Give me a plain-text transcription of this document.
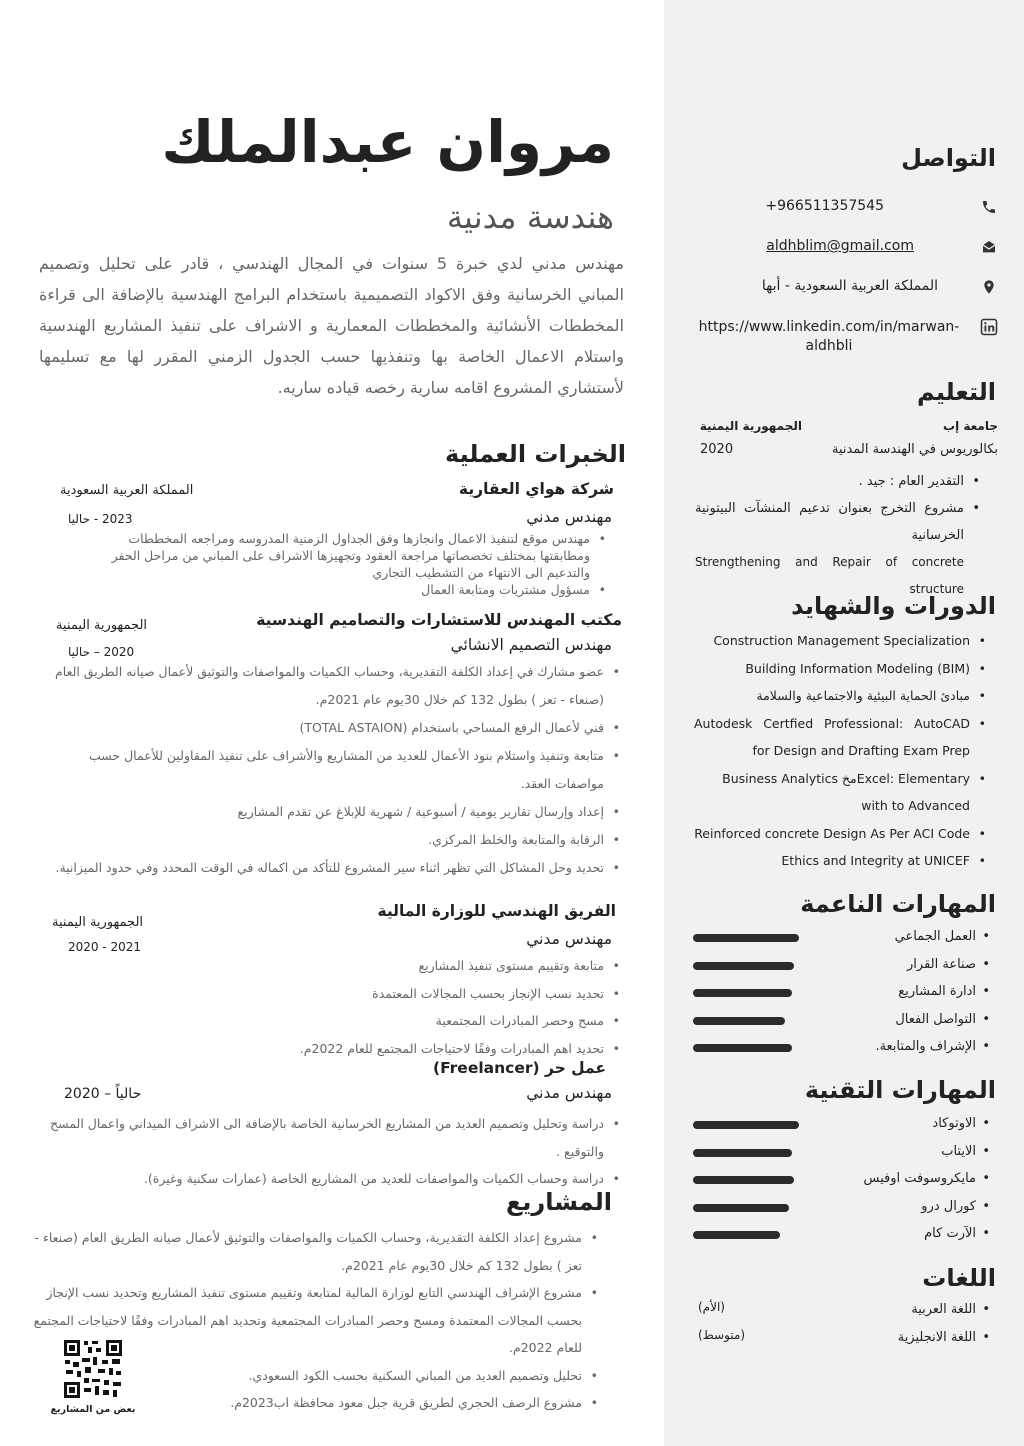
مروان عبدالملك
هندسة مدنية
مهندس مدني لدي خبرة 5 سنوات في المجال الهندسي ، قادر على تحليل وتصميم المباني الخرسانية وفق الاكواد التصميمية باستخدام البرامج الهندسية بالإضافة الى قراءة المخططات الأنشائية والمخططات المعمارية و الاشراف على تنفيذ المشاريع الهندسية واستلام الاعمال الخاصة بها وتنفذيها حسب الجدول الزمني المقرر لها مع تسليمها لأستشاري المشروع اقامه سارية رخصه قياده ساريه.
الخبرات العملية
شركة هواي العقارية
المملكة العربية السعودية
مهندس مدني
2023 - حاليا
• مهندس موقع لتنفيذ الاعمال وانجازها وفق الجداول الزمنية المدروسه ومراجعه المخططات ومطابقتها بمختلف تخصصاتها مراجعة العقود وتجهيزها الاشراف على المباني من مراحل الحفر والتدعيم الى الانتهاء من التشطيب التجاري
• مسؤول مشتريات ومتابعة العمال
مكتب المهندس للاستشارات والتصاميم الهندسية
الجمهورية اليمنية
مهندس التصميم الانشائي
2020 – حاليا
• عضو مشارك في إعداد الكلفة التقديرية، وحساب الكميات والمواصفات والتوثيق لأعمال صيانه الطريق العام (صنعاء - تعز ) بطول 132 كم خلال 30يوم عام 2021م.
• فني لأعمال الرفع المساحي باستخدام (TOTAL ASTAION)
• متابعة وتنفيذ واستلام بنود الأعمال للعديد من المشاريع والأشراف على تنفيذ المقاولين للأعمال حسب مواصفات العقد.
• إعداد وإرسال تقارير يومية / أسبوعية / شهرية للإبلاغ عن تقدم المشاريع
• الرقابة والمتابعة والخلط المركزي.
• تحديد وحل المشاكل التي تظهر اثناء سير المشروع للتأكد من اكماله في الوقت المحدد وفي حدود الميزانية.
الفريق الهندسي للوزارة المالية
الجمهورية اليمنية
مهندس مدني
2021 - 2020
• متابعة وتقييم مستوى تنفيذ المشاريع
• تحديد نسب الإنجاز بحسب المجالات المعتمدة
• مسح وحصر المبادرات المجتمعية
• تحديد اهم المبادرات وفقًا لاحتياجات المجتمع للعام 2022م.
عمل حر (Freelancer)
مهندس مدني
حالياً – 2020
• دراسة وتحليل وتصميم العديد من المشاريع الخرسانية الخاصة بالإضافة الى الاشراف الميداني واعمال المسح والتوقيع .
• دراسة وحساب الكميات والمواصفات للعديد من المشاريع الخاصة (عمارات سكنية وغيرة).
المشاريع
• مشروع إعداد الكلفة التقديرية، وحساب الكميات والمواصفات والتوثيق لأعمال صيانه الطريق العام (صنعاء - تعز ) بطول 132 كم خلال 30يوم عام 2021م.
• مشروع الإشراف الهندسي التابع لوزارة المالية لمتابعة وتقييم مستوى تنفيذ المشاريع وتحديد نسب الإنجاز بحسب المجالات المعتمدة ومسح وحصر المبادرات المجتمعية وتحديد اهم المبادرات وفقًا لاحتياجات المجتمع للعام 2022م.
• تحليل وتصميم العديد من المباني السكنية بحسب الكود السعودي.
• مشروع الرصف الحجري لطريق قرية جبل معود محافظة اب2023م.
بعض من المشاريع
التواصل
+966511357545
aldhblim@gmail.com
المملكة العربية السعودية - أبها
https://www.linkedin.com/in/marwan-aldhbli
التعليم
جامعة إب
الجمهورية اليمنية
بكالوريوس في الهندسة المدنية
2020
• التقدير العام : جيد .
• مشروع التخرج بعنوان تدعيم المنشآت البيتونية الخرسانية
Strengthening and Repair of concrete structure
الدورات والشهايد
• Construction Management Specialization
• Building Information Modeling (BIM)
• مبادئ الحماية البيئية والاجتماعية والسلامة
• Autodesk Certfied Professional: AutoCAD for Design and Drafting Exam Prep
• Excel: Elementaryمخ Business Analytics with to Advanced
• Reinforced concrete Design As Per ACI Code
• Ethics and Integrity at UNICEF
المهارات الناعمة
• العمل الجماعي
• صناعة القرار
• ادارة المشاريع
• التواصل الفعال
• الإشراف والمتابعة.
المهارات التقنية
• الاوتوكاد
• الايتاب
• مايكروسوفت اوفيس
• كورال درو
• الآرت كام
اللغات
• اللغة العربية
(الأم)
• اللغة الانجليزية
(متوسط)
